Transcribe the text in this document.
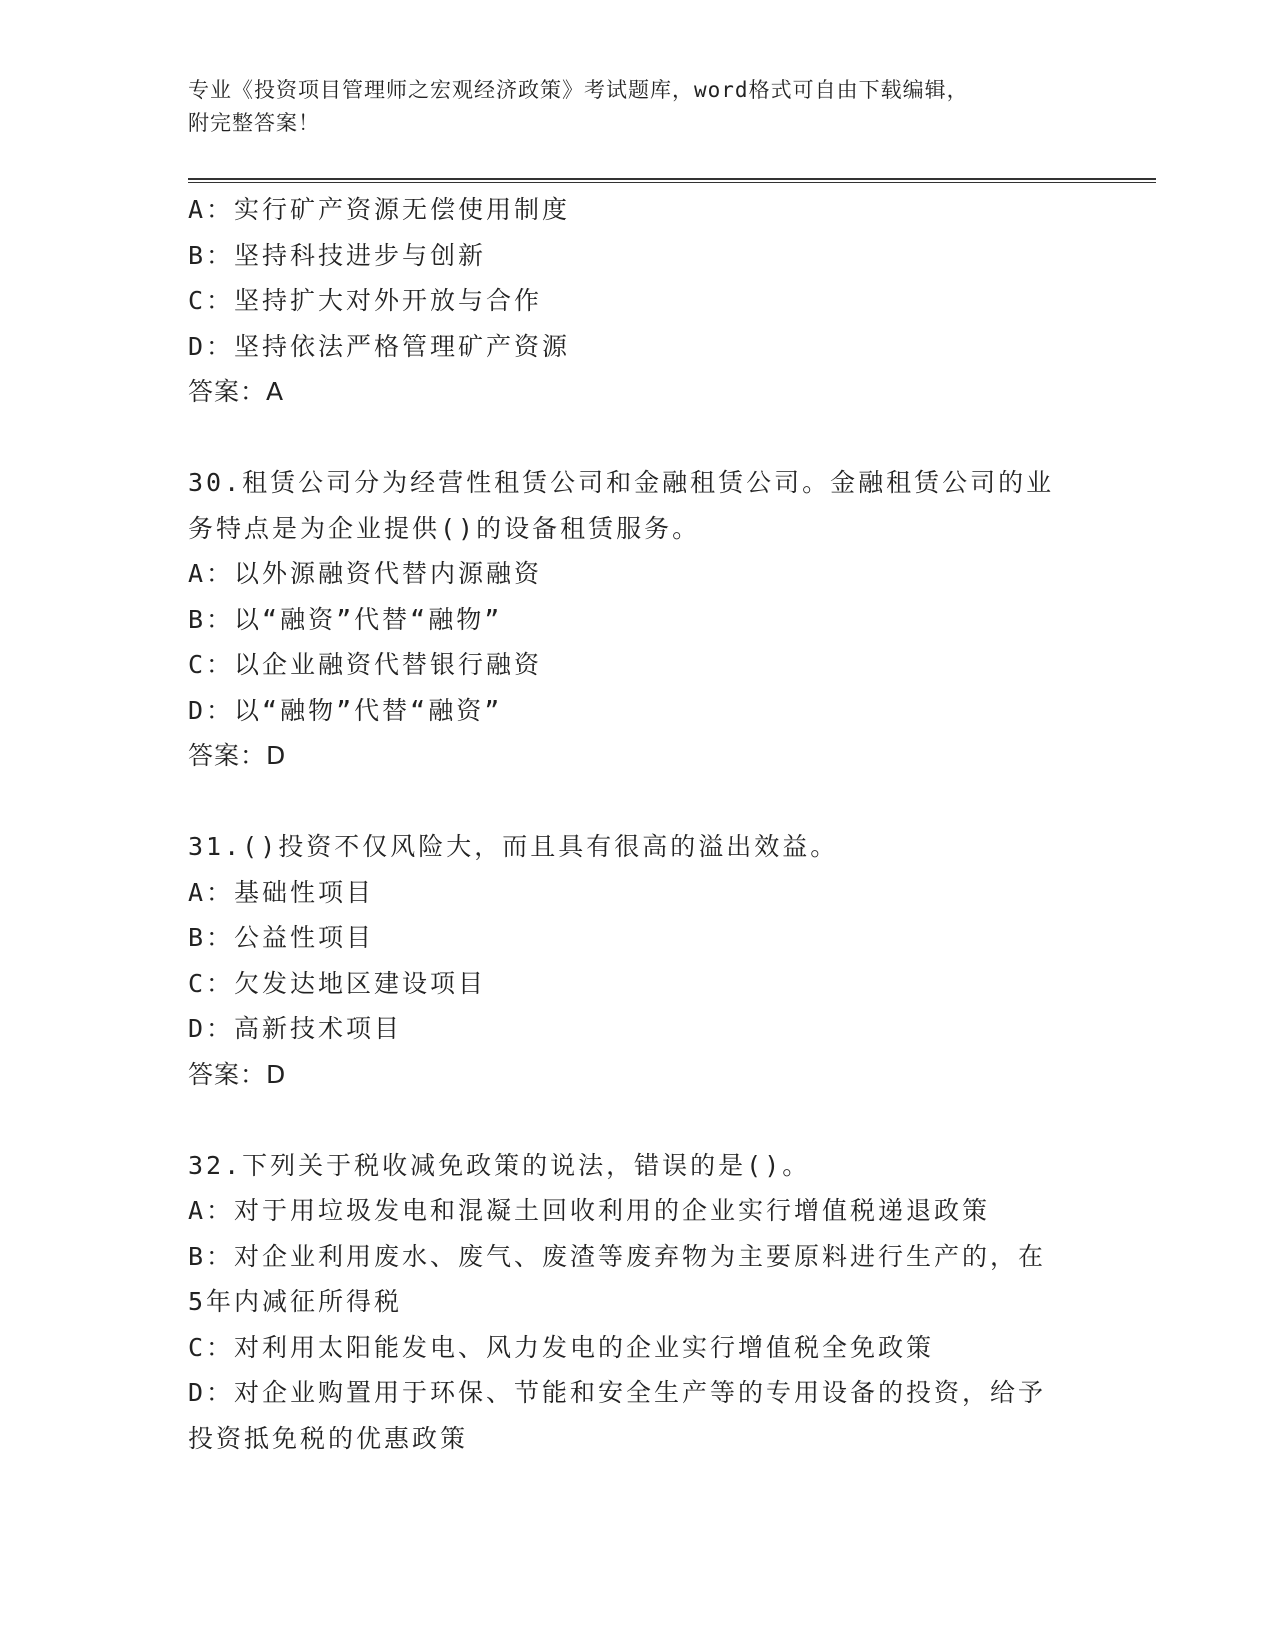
专业《投资项目管理师之宏观经济政策》考试题库，word格式可自由下载编辑，
附完整答案！
A：实行矿产资源无偿使用制度
B：坚持科技进步与创新
C：坚持扩大对外开放与合作
D：坚持依法严格管理矿产资源
答案：A
30.租赁公司分为经营性租赁公司和金融租赁公司。金融租赁公司的业
务特点是为企业提供()的设备租赁服务。
A：以外源融资代替内源融资
B：以“融资”代替“融物”
C：以企业融资代替银行融资
D：以“融物”代替“融资”
答案：D
31.()投资不仅风险大，而且具有很高的溢出效益。
A：基础性项目
B：公益性项目
C：欠发达地区建设项目
D：高新技术项目
答案：D
32.下列关于税收减免政策的说法，错误的是()。
A：对于用垃圾发电和混凝土回收利用的企业实行增值税递退政策
B：对企业利用废水、废气、废渣等废弃物为主要原料进行生产的，在
5年内减征所得税
C：对利用太阳能发电、风力发电的企业实行增值税全免政策
D：对企业购置用于环保、节能和安全生产等的专用设备的投资，给予
投资抵免税的优惠政策
